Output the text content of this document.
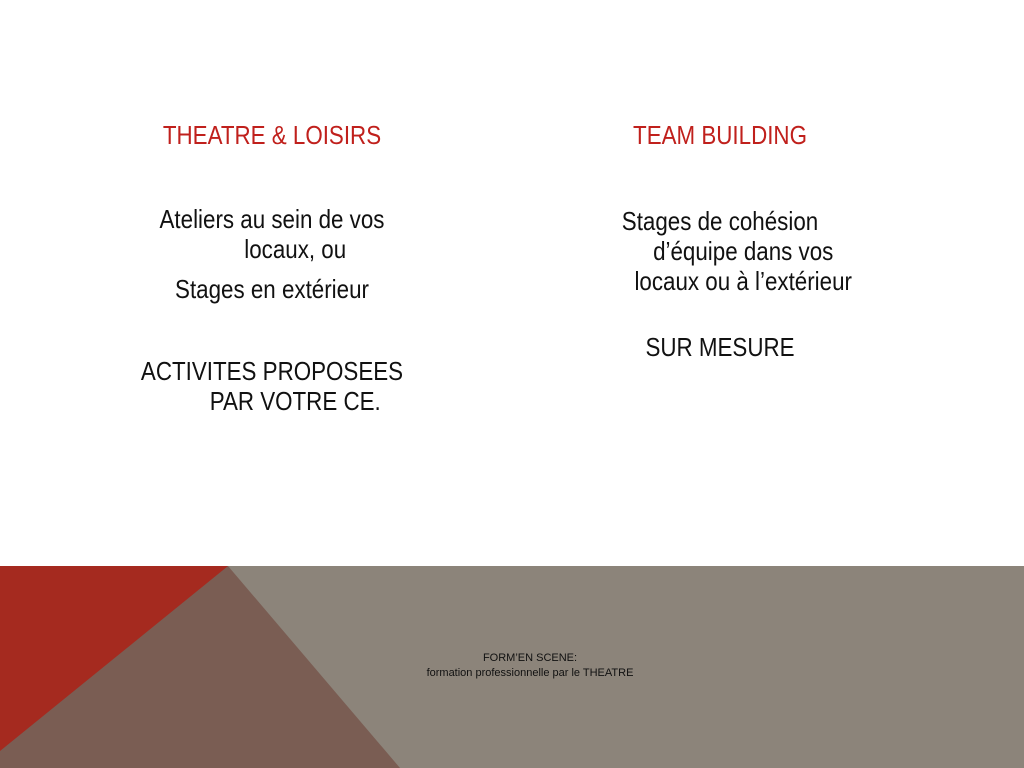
THEATRE & LOISIRS
Ateliers au sein de vos locaux, ou
Stages en extérieur
ACTIVITES PROPOSEES PAR VOTRE CE.
TEAM BUILDING
Stages de cohésion d’équipe dans vos locaux ou à l’extérieur
SUR MESURE
FORM’EN SCENE:
formation professionnelle par le THEATRE
